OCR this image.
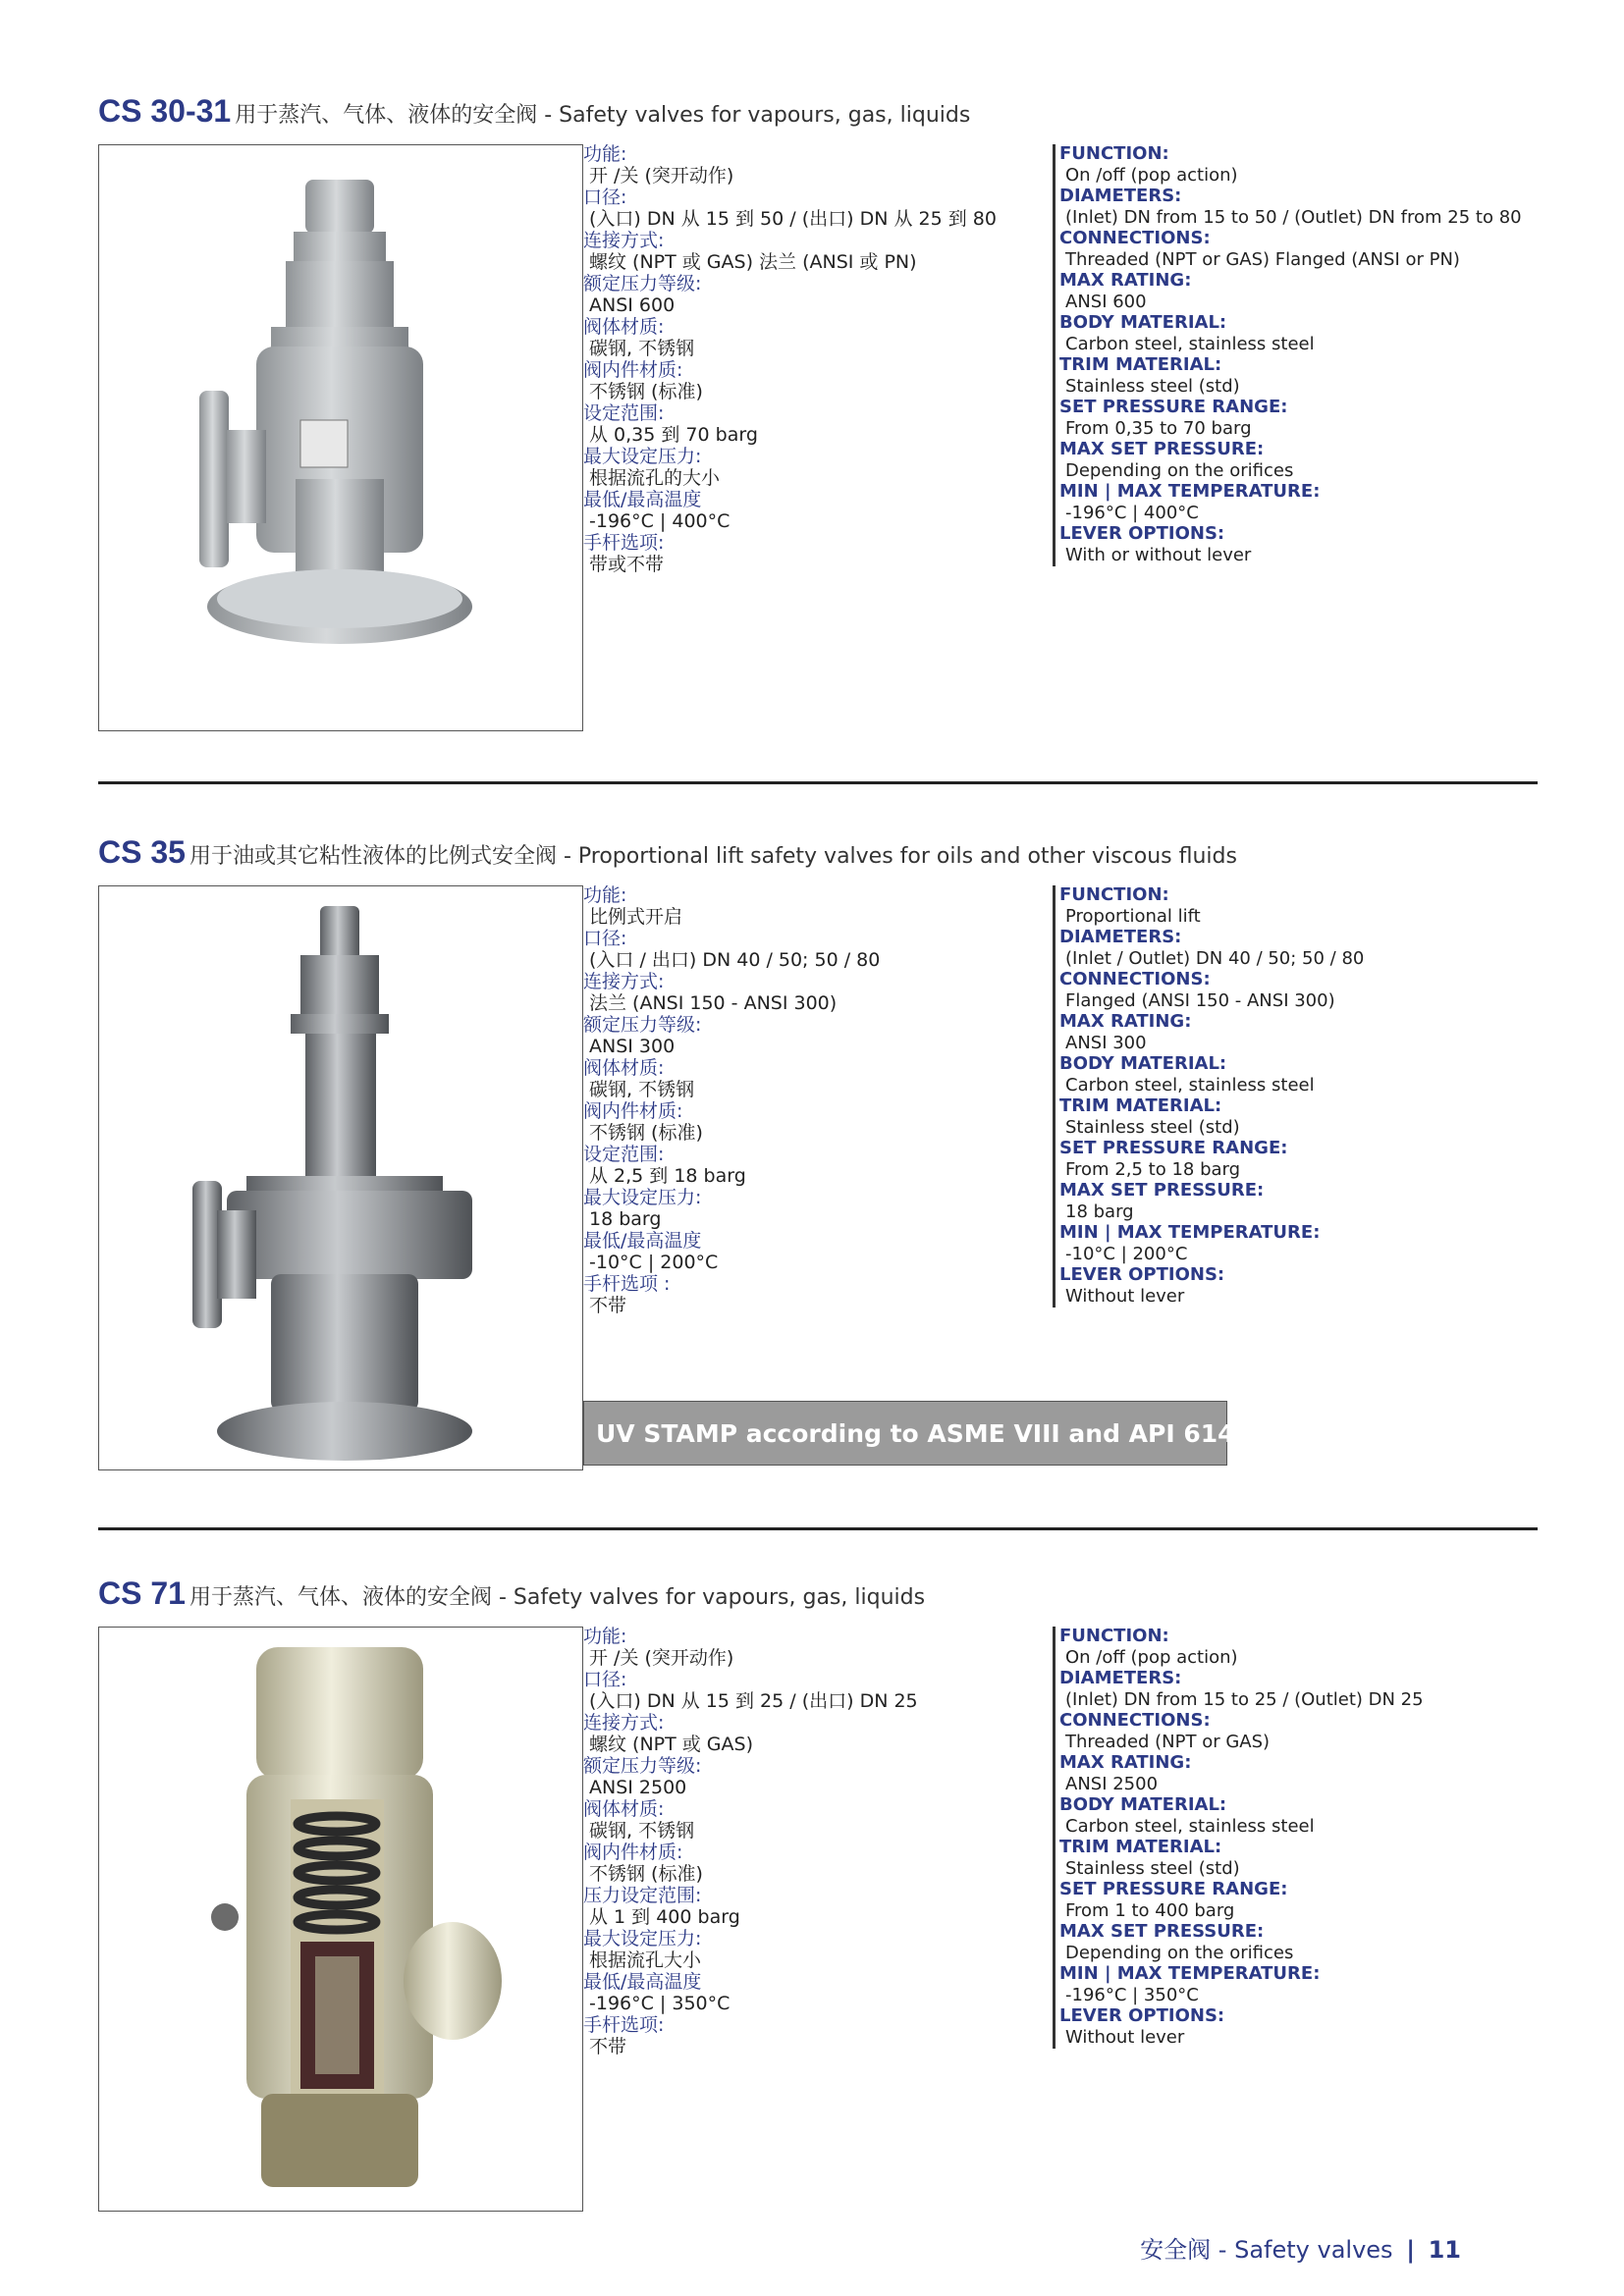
CS 30-31 用于蒸汽、气体、液体的安全阀 - Safety valves for vapours, gas, liquids
功能:
开 /关 (突开动作)
口径:
(入口) DN 从 15 到 50 / (出口) DN 从 25 到 80
连接方式:
螺纹 (NPT 或 GAS) 法兰 (ANSI 或 PN)
额定压力等级:
ANSI 600
阀体材质:
碳钢, 不锈钢
阀内件材质:
不锈钢 (标准)
设定范围:
从 0,35 到 70 barg
最大设定压力:
根据流孔的大小
最低/最高温度
-196°C | 400°C
手杆选项:
带或不带
FUNCTION:
On /off (pop action)
DIAMETERS:
(Inlet) DN from 15 to 50 / (Outlet) DN from 25 to 80
CONNECTIONS:
Threaded (NPT or GAS) Flanged (ANSI or PN)
MAX RATING:
ANSI 600
BODY MATERIAL:
Carbon steel, stainless steel
TRIM MATERIAL:
Stainless steel (std)
SET PRESSURE RANGE:
From 0,35 to 70 barg
MAX SET PRESSURE:
Depending on the orifices
MIN | MAX TEMPERATURE:
-196°C | 400°C
LEVER OPTIONS:
With or without lever
CS 35 用于油或其它粘性液体的比例式安全阀 - Proportional lift safety valves for oils and other viscous fluids
功能:
比例式开启
口径:
(入口 / 出口) DN 40 / 50; 50 / 80
连接方式:
法兰 (ANSI 150 - ANSI 300)
额定压力等级:
ANSI 300
阀体材质:
碳钢, 不锈钢
阀内件材质:
不锈钢 (标准)
设定范围:
从 2,5 到 18 barg
最大设定压力:
18 barg
最低/最高温度
-10°C | 200°C
手杆选项 :
不带
FUNCTION:
Proportional lift
DIAMETERS:
(Inlet / Outlet) DN 40 / 50; 50 / 80
CONNECTIONS:
Flanged (ANSI 150 - ANSI 300)
MAX RATING:
ANSI 300
BODY MATERIAL:
Carbon steel, stainless steel
TRIM MATERIAL:
Stainless steel (std)
SET PRESSURE RANGE:
From 2,5 to 18 barg
MAX SET PRESSURE:
18 barg
MIN | MAX TEMPERATURE:
-10°C | 200°C
LEVER OPTIONS:
Without lever
UV STAMP according to ASME VIII and API 614
CS 71 用于蒸汽、气体、液体的安全阀 - Safety valves for vapours, gas, liquids
功能:
开 /关 (突开动作)
口径:
(入口) DN 从 15 到 25 / (出口) DN 25
连接方式:
螺纹 (NPT 或 GAS)
额定压力等级:
ANSI 2500
阀体材质:
碳钢, 不锈钢
阀内件材质:
不锈钢 (标准)
压力设定范围:
从 1 到 400 barg
最大设定压力:
根据流孔大小
最低/最高温度
-196°C | 350°C
手杆选项:
不带
FUNCTION:
On /off (pop action)
DIAMETERS:
(Inlet) DN from 15 to 25 / (Outlet) DN 25
CONNECTIONS:
Threaded (NPT or GAS)
MAX RATING:
ANSI 2500
BODY MATERIAL:
Carbon steel, stainless steel
TRIM MATERIAL:
Stainless steel (std)
SET PRESSURE RANGE:
From 1 to 400 barg
MAX SET PRESSURE:
Depending on the orifices
MIN | MAX TEMPERATURE:
-196°C | 350°C
LEVER OPTIONS:
Without lever
安全阀 - Safety valves | 11
